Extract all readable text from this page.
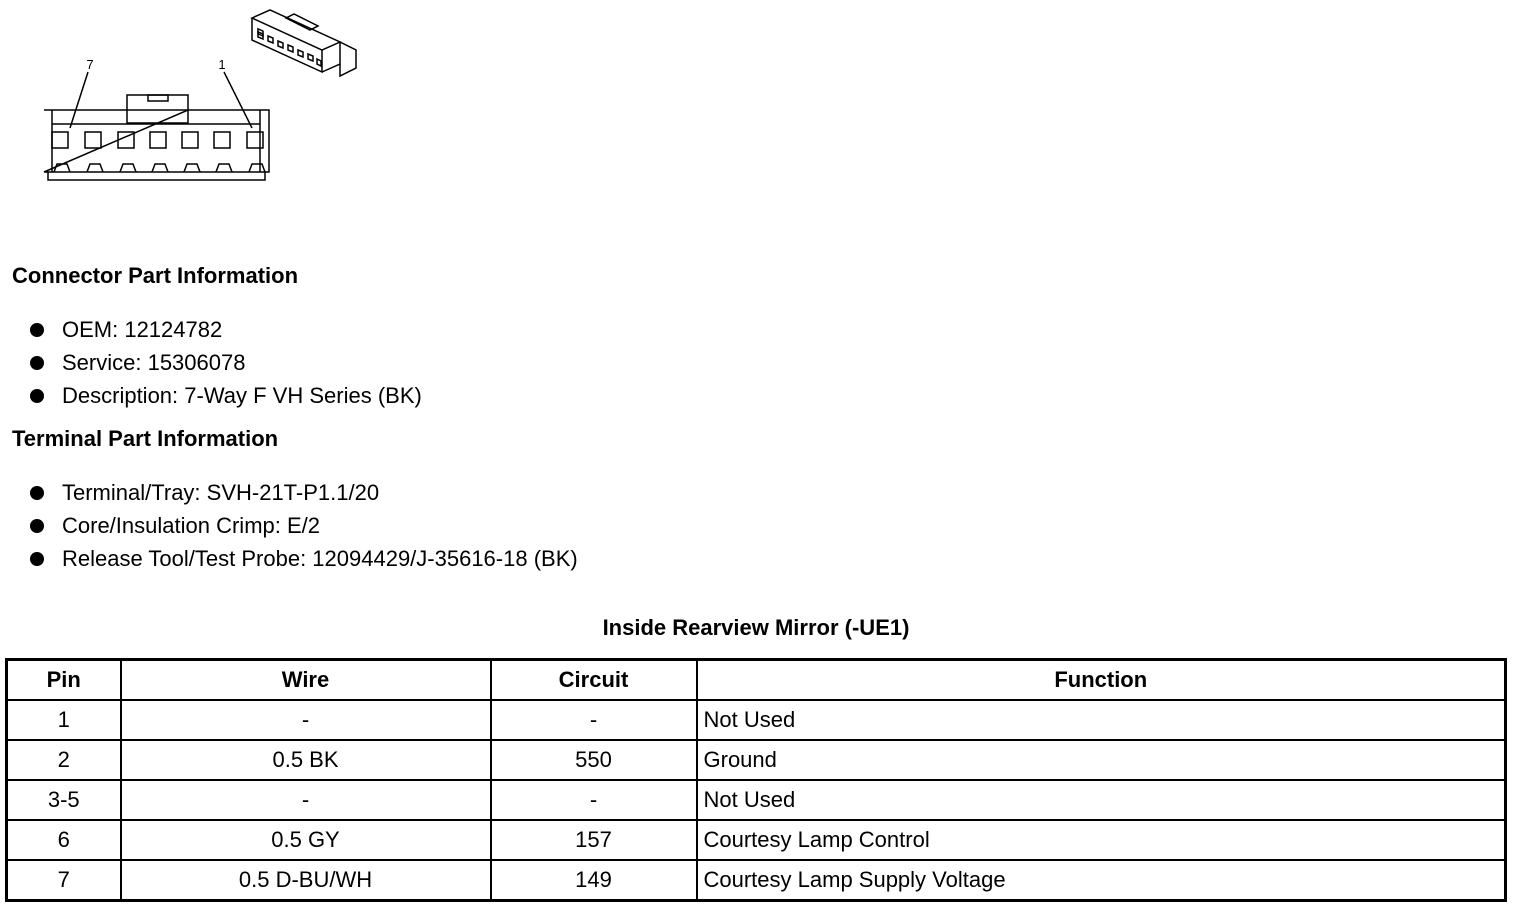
7	1
Connector Part Information
OEM: 12124782
Service: 15306078
Description: 7-Way F VH Series (BK)
Terminal Part Information
Terminal/Tray: SVH-21T-P1.1/20
Core/Insulation Crimp: E/2
Release Tool/Test Probe: 12094429/J-35616-18 (BK)
Inside Rearview Mirror (-UE1)
Pin	Wire	Circuit	Function
1	-	-	Not Used
2	0.5 BK	550	Ground
3-5	-	-	Not Used
6	0.5 GY	157	Courtesy Lamp Control
7	0.5 D-BU/WH	149	Courtesy Lamp Supply Voltage
